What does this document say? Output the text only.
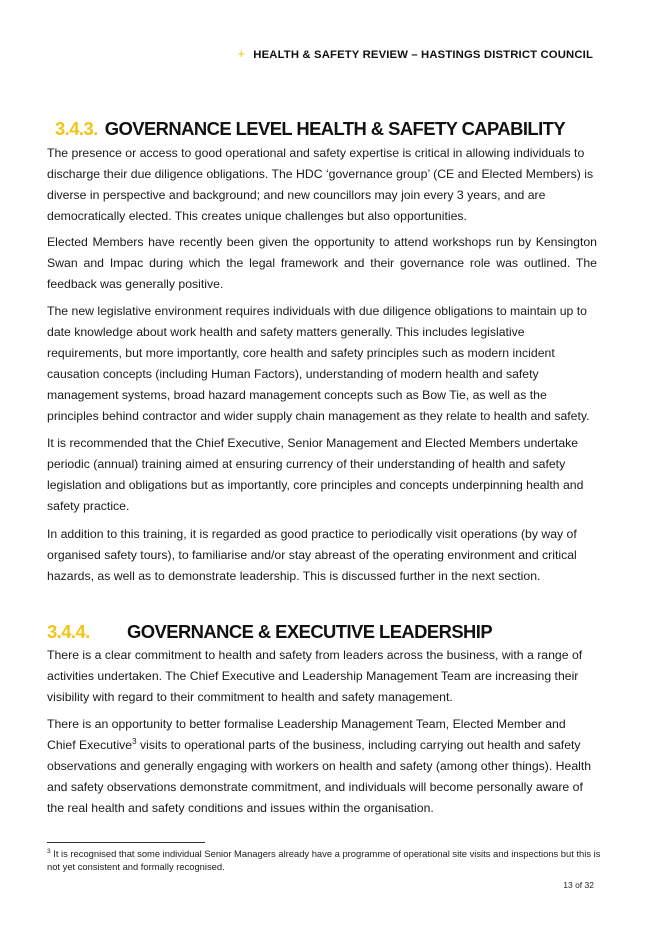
+ HEALTH & SAFETY REVIEW – HASTINGS DISTRICT COUNCIL
3.4.3. GOVERNANCE LEVEL HEALTH & SAFETY CAPABILITY

The presence or access to good operational and safety expertise is critical in allowing individuals to discharge their due diligence obligations. The HDC ‘governance group’ (CE and Elected Members) is diverse in perspective and background; and new councillors may join every 3 years, and are democratically elected. This creates unique challenges but also opportunities.

Elected Members have recently been given the opportunity to attend workshops run by Kensington Swan and Impac during which the legal framework and their governance role was outlined. The feedback was generally positive.

The new legislative environment requires individuals with due diligence obligations to maintain up to date knowledge about work health and safety matters generally. This includes legislative requirements, but more importantly, core health and safety principles such as modern incident causation concepts (including Human Factors), understanding of modern health and safety management systems, broad hazard management concepts such as Bow Tie, as well as the principles behind contractor and wider supply chain management as they relate to health and safety.

It is recommended that the Chief Executive, Senior Management and Elected Members undertake periodic (annual) training aimed at ensuring currency of their understanding of health and safety legislation and obligations but as importantly, core principles and concepts underpinning health and safety practice.

In addition to this training, it is regarded as good practice to periodically visit operations (by way of organised safety tours), to familiarise and/or stay abreast of the operating environment and critical hazards, as well as to demonstrate leadership. This is discussed further in the next section.

3.4.4. GOVERNANCE & EXECUTIVE LEADERSHIP

There is a clear commitment to health and safety from leaders across the business, with a range of activities undertaken. The Chief Executive and Leadership Management Team are increasing their visibility with regard to their commitment to health and safety management.

There is an opportunity to better formalise Leadership Management Team, Elected Member and Chief Executive$^3$ visits to operational parts of the business, including carrying out health and safety observations and generally engaging with workers on health and safety (among other things). Health and safety observations demonstrate commitment, and individuals will become personally aware of the real health and safety conditions and issues within the organisation.

$^3$ It is recognised that some individual Senior Managers already have a programme of operational site visits and inspections but this is not yet consistent and formally recognised.
13 of 32
